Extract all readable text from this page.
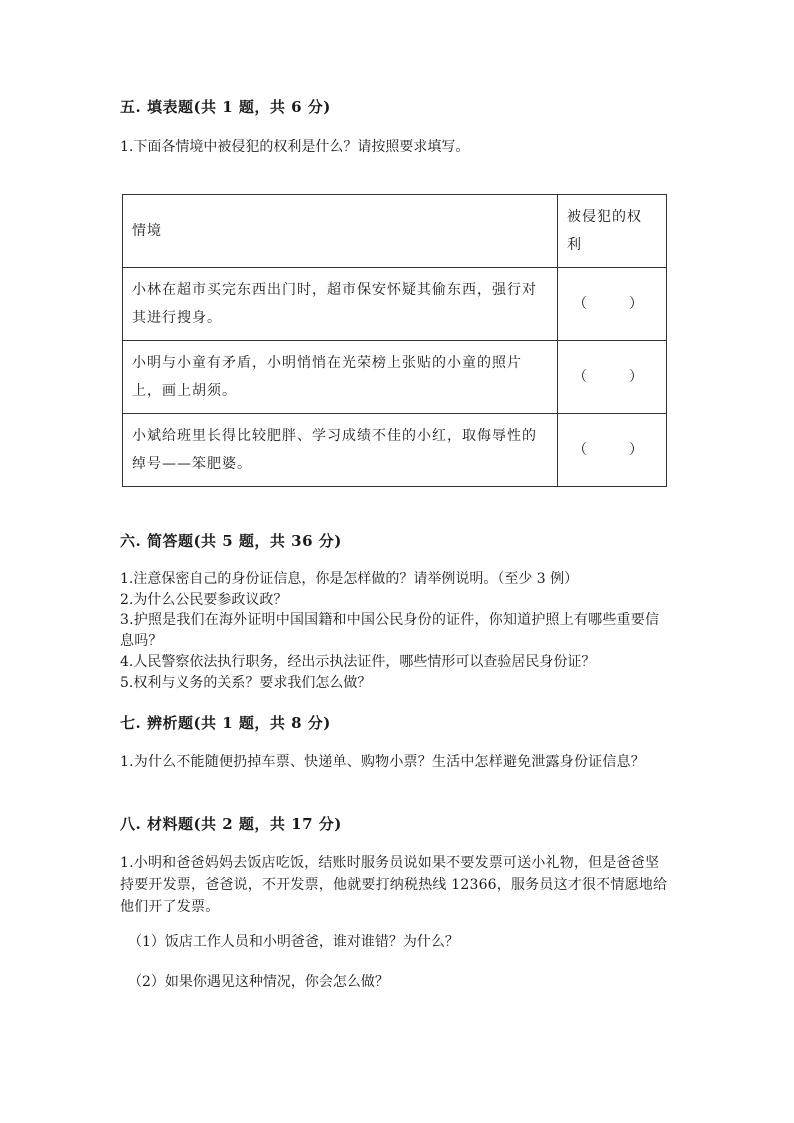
五. 填表题(共 1 题，共 6 分)
1.下面各情境中被侵犯的权利是什么？请按照要求填写。
情境	被侵犯的权利
小林在超市买完东西出门时，超市保安怀疑其偷东西，强行对其进行搜身。	（　　　）

小明与小童有矛盾，小明悄悄在光荣榜上张贴的小童的照片上，画上胡须。	（　　　）

小斌给班里长得比较肥胖、学习成绩不佳的小红，取侮辱性的绰号——笨肥婆。	（　　　）
六. 简答题(共 5 题，共 36 分)
1.注意保密自己的身份证信息，你是怎样做的？请举例说明。（至少 3 例）
2.为什么公民要参政议政？
3.护照是我们在海外证明中国国籍和中国公民身份的证件，你知道护照上有哪些重要信息吗？
4.人民警察依法执行职务，经出示执法证件，哪些情形可以查验居民身份证？
5.权利与义务的关系？要求我们怎么做？
七. 辨析题(共 1 题，共 8 分)
1.为什么不能随便扔掉车票、快递单、购物小票？生活中怎样避免泄露身份证信息？
八. 材料题(共 2 题，共 17 分)
1.小明和爸爸妈妈去饭店吃饭，结账时服务员说如果不要发票可送小礼物，但是爸爸坚持要开发票，爸爸说，不开发票，他就要打纳税热线 12366，服务员这才很不情愿地给他们开了发票。
（1）饭店工作人员和小明爸爸，谁对谁错？为什么？
（2）如果你遇见这种情况，你会怎么做？
